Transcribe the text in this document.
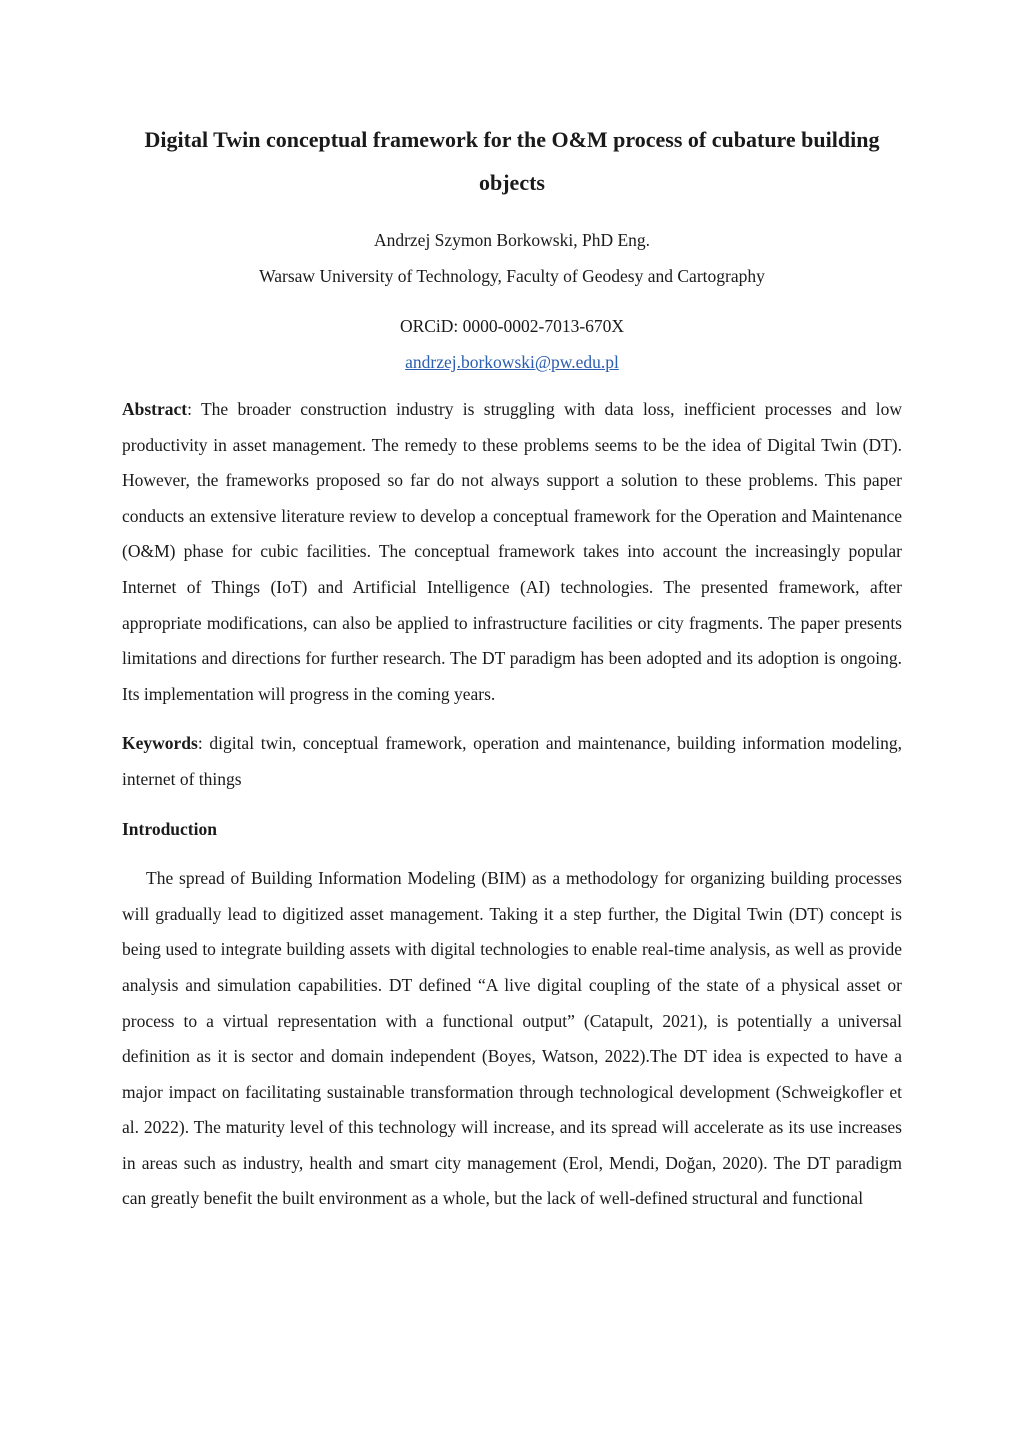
Digital Twin conceptual framework for the O&M process of cubature building objects

Andrzej Szymon Borkowski, PhD Eng.

Warsaw University of Technology, Faculty of Geodesy and Cartography

ORCiD: 0000-0002-7013-670X

andrzej.borkowski@pw.edu.pl

Abstract: The broader construction industry is struggling with data loss, inefficient processes and low productivity in asset management. The remedy to these problems seems to be the idea of Digital Twin (DT). However, the frameworks proposed so far do not always support a solution to these problems. This paper conducts an extensive literature review to develop a conceptual framework for the Operation and Maintenance (O&M) phase for cubic facilities. The conceptual framework takes into account the increasingly popular Internet of Things (IoT) and Artificial Intelligence (AI) technologies. The presented framework, after appropriate modifications, can also be applied to infrastructure facilities or city fragments. The paper presents limitations and directions for further research. The DT paradigm has been adopted and its adoption is ongoing. Its implementation will progress in the coming years.

Keywords: digital twin, conceptual framework, operation and maintenance, building information modeling, internet of things

Introduction

The spread of Building Information Modeling (BIM) as a methodology for organizing building processes will gradually lead to digitized asset management. Taking it a step further, the Digital Twin (DT) concept is being used to integrate building assets with digital technologies to enable real-time analysis, as well as provide analysis and simulation capabilities. DT defined “A live digital coupling of the state of a physical asset or process to a virtual representation with a functional output” (Catapult, 2021), is potentially a universal definition as it is sector and domain independent (Boyes, Watson, 2022).The DT idea is expected to have a major impact on facilitating sustainable transformation through technological development (Schweigkofler et al. 2022). The maturity level of this technology will increase, and its spread will accelerate as its use increases in areas such as industry, health and smart city management (Erol, Mendi, Doğan, 2020). The DT paradigm can greatly benefit the built environment as a whole, but the lack of well-defined structural and functional
